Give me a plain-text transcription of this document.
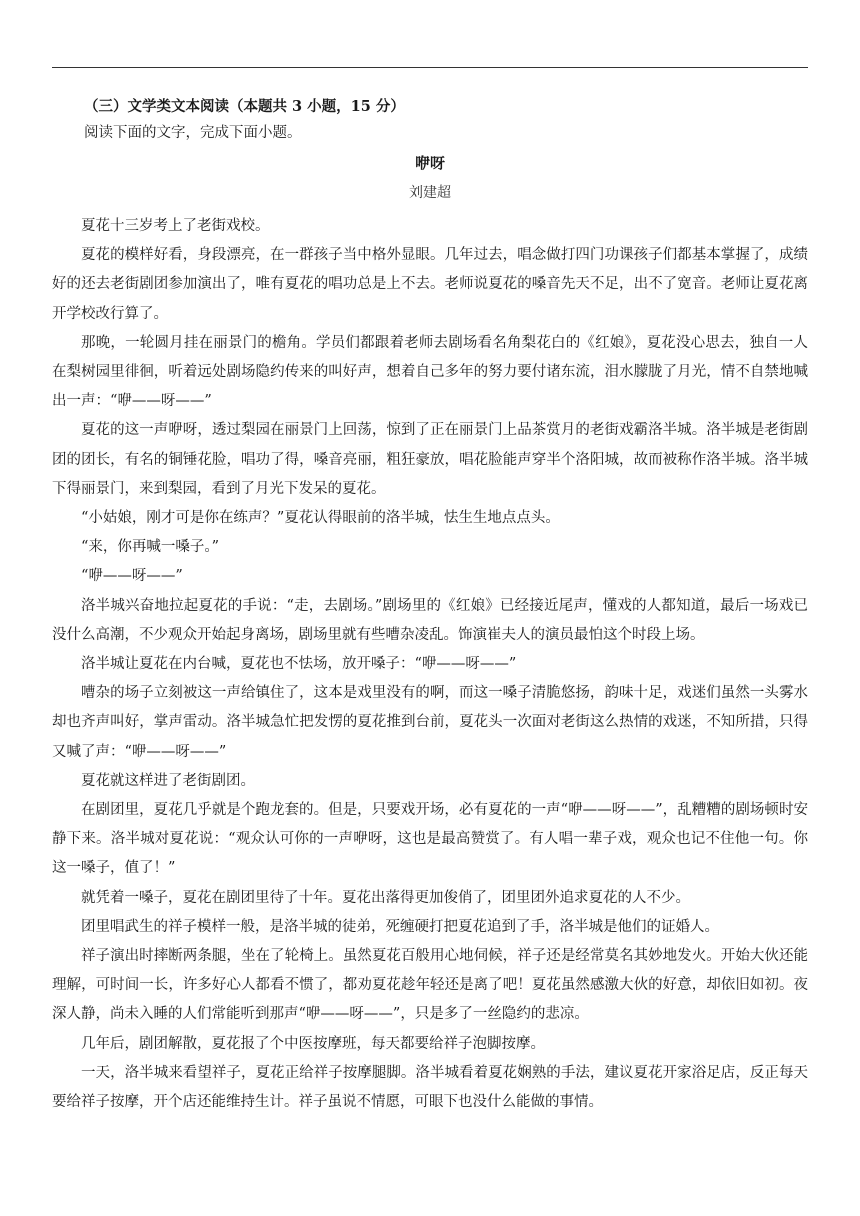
（三）文学类文本阅读（本题共 3 小题，15 分）
阅读下面的文字，完成下面小题。
咿呀
刘建超

夏花十三岁考上了老街戏校。

夏花的模样好看，身段漂亮，在一群孩子当中格外显眼。几年过去，唱念做打四门功课孩子们都基本掌握了，成绩好的还去老街剧团参加演出了，唯有夏花的唱功总是上不去。老师说夏花的嗓音先天不足，出不了宽音。老师让夏花离开学校改行算了。

那晚，一轮圆月挂在丽景门的檐角。学员们都跟着老师去剧场看名角梨花白的《红娘》，夏花没心思去，独自一人在梨树园里徘徊，听着远处剧场隐约传来的叫好声，想着自己多年的努力要付诸东流，泪水朦胧了月光，情不自禁地喊出一声：“咿——呀——”

夏花的这一声咿呀，透过梨园在丽景门上回荡，惊到了正在丽景门上品茶赏月的老街戏霸洛半城。洛半城是老街剧团的团长，有名的铜锤花脸，唱功了得，嗓音亮丽，粗狂豪放，唱花脸能声穿半个洛阳城，故而被称作洛半城。洛半城下得丽景门，来到梨园，看到了月光下发呆的夏花。

“小姑娘，刚才可是你在练声？”夏花认得眼前的洛半城，怯生生地点点头。

“来，你再喊一嗓子。”

“咿——呀——”

洛半城兴奋地拉起夏花的手说：“走，去剧场。”剧场里的《红娘》已经接近尾声，懂戏的人都知道，最后一场戏已没什么高潮，不少观众开始起身离场，剧场里就有些嘈杂凌乱。饰演崔夫人的演员最怕这个时段上场。

洛半城让夏花在内台喊，夏花也不怯场，放开嗓子：“咿——呀——”

嘈杂的场子立刻被这一声给镇住了，这本是戏里没有的啊，而这一嗓子清脆悠扬，韵味十足，戏迷们虽然一头雾水却也齐声叫好，掌声雷动。洛半城急忙把发愣的夏花推到台前，夏花头一次面对老街这么热情的戏迷，不知所措，只得又喊了声：“咿——呀——”

夏花就这样进了老街剧团。

在剧团里，夏花几乎就是个跑龙套的。但是，只要戏开场，必有夏花的一声“咿——呀——”，乱糟糟的剧场顿时安静下来。洛半城对夏花说：“观众认可你的一声咿呀，这也是最高赞赏了。有人唱一辈子戏，观众也记不住他一句。你这一嗓子，值了！”

就凭着一嗓子，夏花在剧团里待了十年。夏花出落得更加俊俏了，团里团外追求夏花的人不少。

团里唱武生的祥子模样一般，是洛半城的徒弟，死缠硬打把夏花追到了手，洛半城是他们的证婚人。

祥子演出时摔断两条腿，坐在了轮椅上。虽然夏花百般用心地伺候，祥子还是经常莫名其妙地发火。开始大伙还能理解，可时间一长，许多好心人都看不惯了，都劝夏花趁年轻还是离了吧！夏花虽然感激大伙的好意，却依旧如初。夜深人静，尚未入睡的人们常能听到那声“咿——呀——”，只是多了一丝隐约的悲凉。

几年后，剧团解散，夏花报了个中医按摩班，每天都要给祥子泡脚按摩。

一天，洛半城来看望祥子，夏花正给祥子按摩腿脚。洛半城看着夏花娴熟的手法，建议夏花开家浴足店，反正每天要给祥子按摩，开个店还能维持生计。祥子虽说不情愿，可眼下也没什么能做的事情。
